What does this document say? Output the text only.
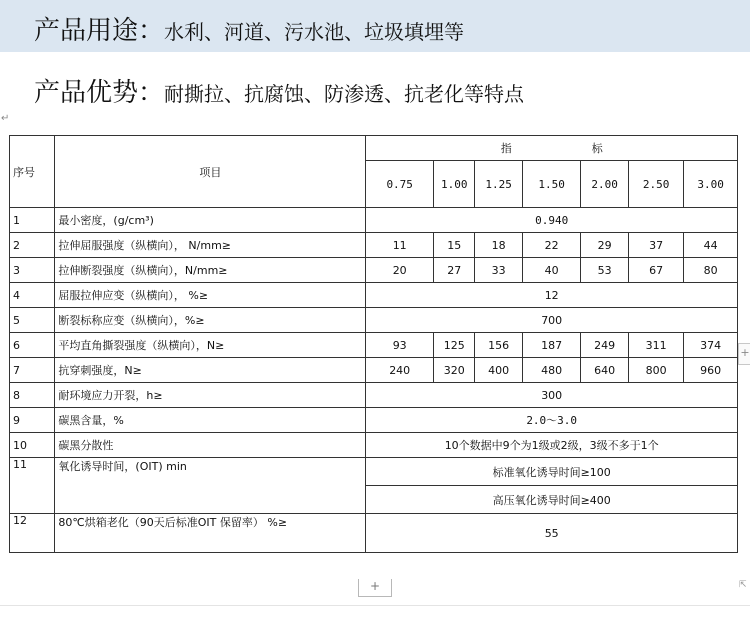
产品用途：水利、河道、污水池、垃圾填埋等
产品优势：耐撕拉、抗腐蚀、防渗透、抗老化等特点
↵
序号	项目	指 标						
		0.75	1.00	1.25	1.50	2.00	2.50	3.00
1	最小密度，(g/cm³)	0.940						
2	拉伸屈服强度（纵横向）， N/mm≥	11	15	18	22	29	37	44
3	拉伸断裂强度（纵横向），N/mm≥	20	27	33	40	53	67	80
4	屈服拉伸应变（纵横向）， %≥	12						
5	断裂标称应变（纵横向），%≥	700						
6	平均直角撕裂强度（纵横向），N≥	93	125	156	187	249	311	374
7	抗穿刺强度，N≥	240	320	400	480	640	800	960
8	耐环境应力开裂，h≥	300						
9	碳黑含量，%	2.0～3.0						
10	碳黑分散性	10个数据中9个为1级或2级，3级不多于1个						
11	氧化诱导时间，(OIT) min	标准氧化诱导时间≥100						
		高压氧化诱导时间≥400						
12	80℃烘箱老化（90天后标准OIT 保留率） %≥	55						
+
+	⇱
